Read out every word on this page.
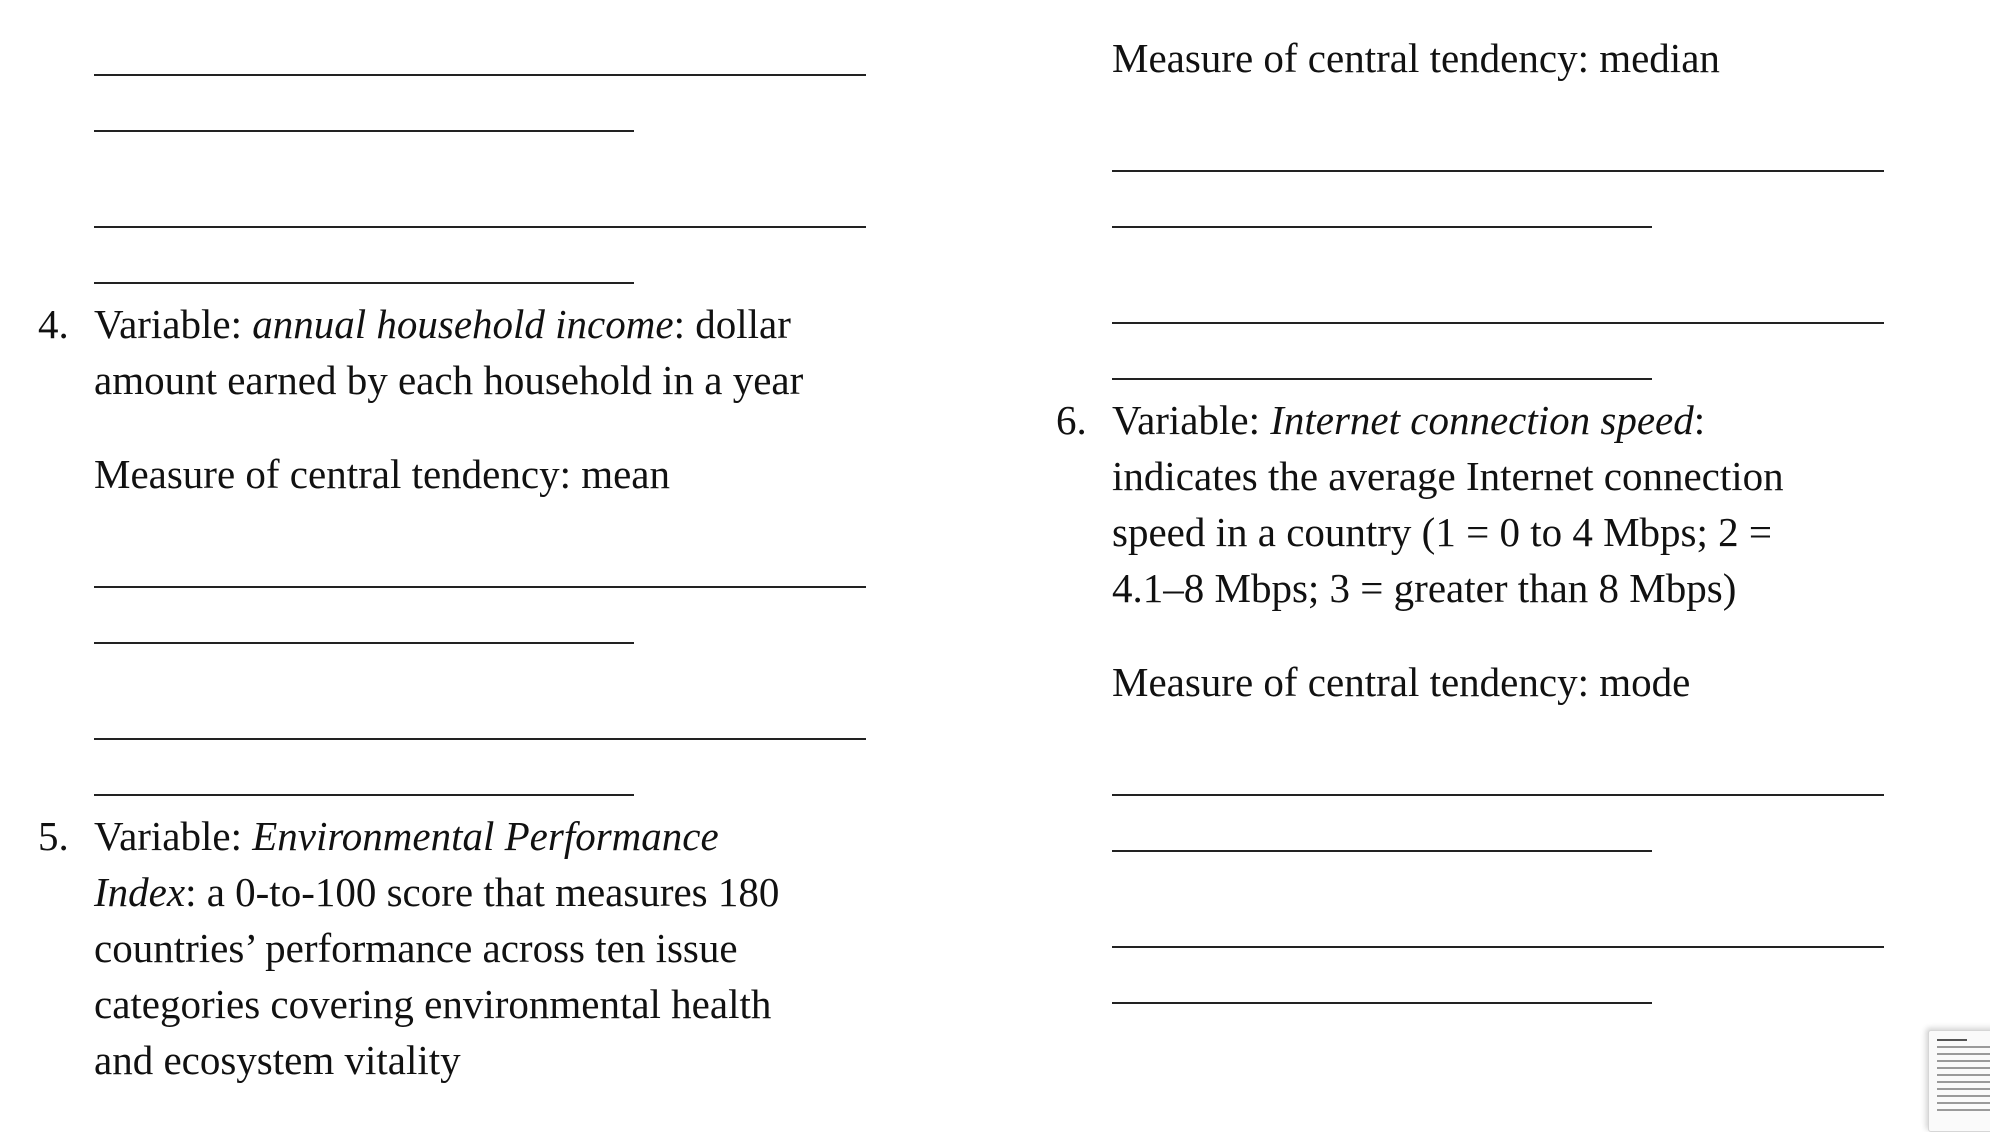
4. Variable: annual household income: dollar
amount earned by each household in a year
Measure of central tendency: mean
5. Variable: Environmental Performance
Index: a 0-to-100 score that measures 180
countries’ performance across ten issue
categories covering environmental health
and ecosystem vitality
Measure of central tendency: median
6. Variable: Internet connection speed:
indicates the average Internet connection
speed in a country (1 = 0 to 4 Mbps; 2 =
4.1–8 Mbps; 3 = greater than 8 Mbps)
Measure of central tendency: mode
